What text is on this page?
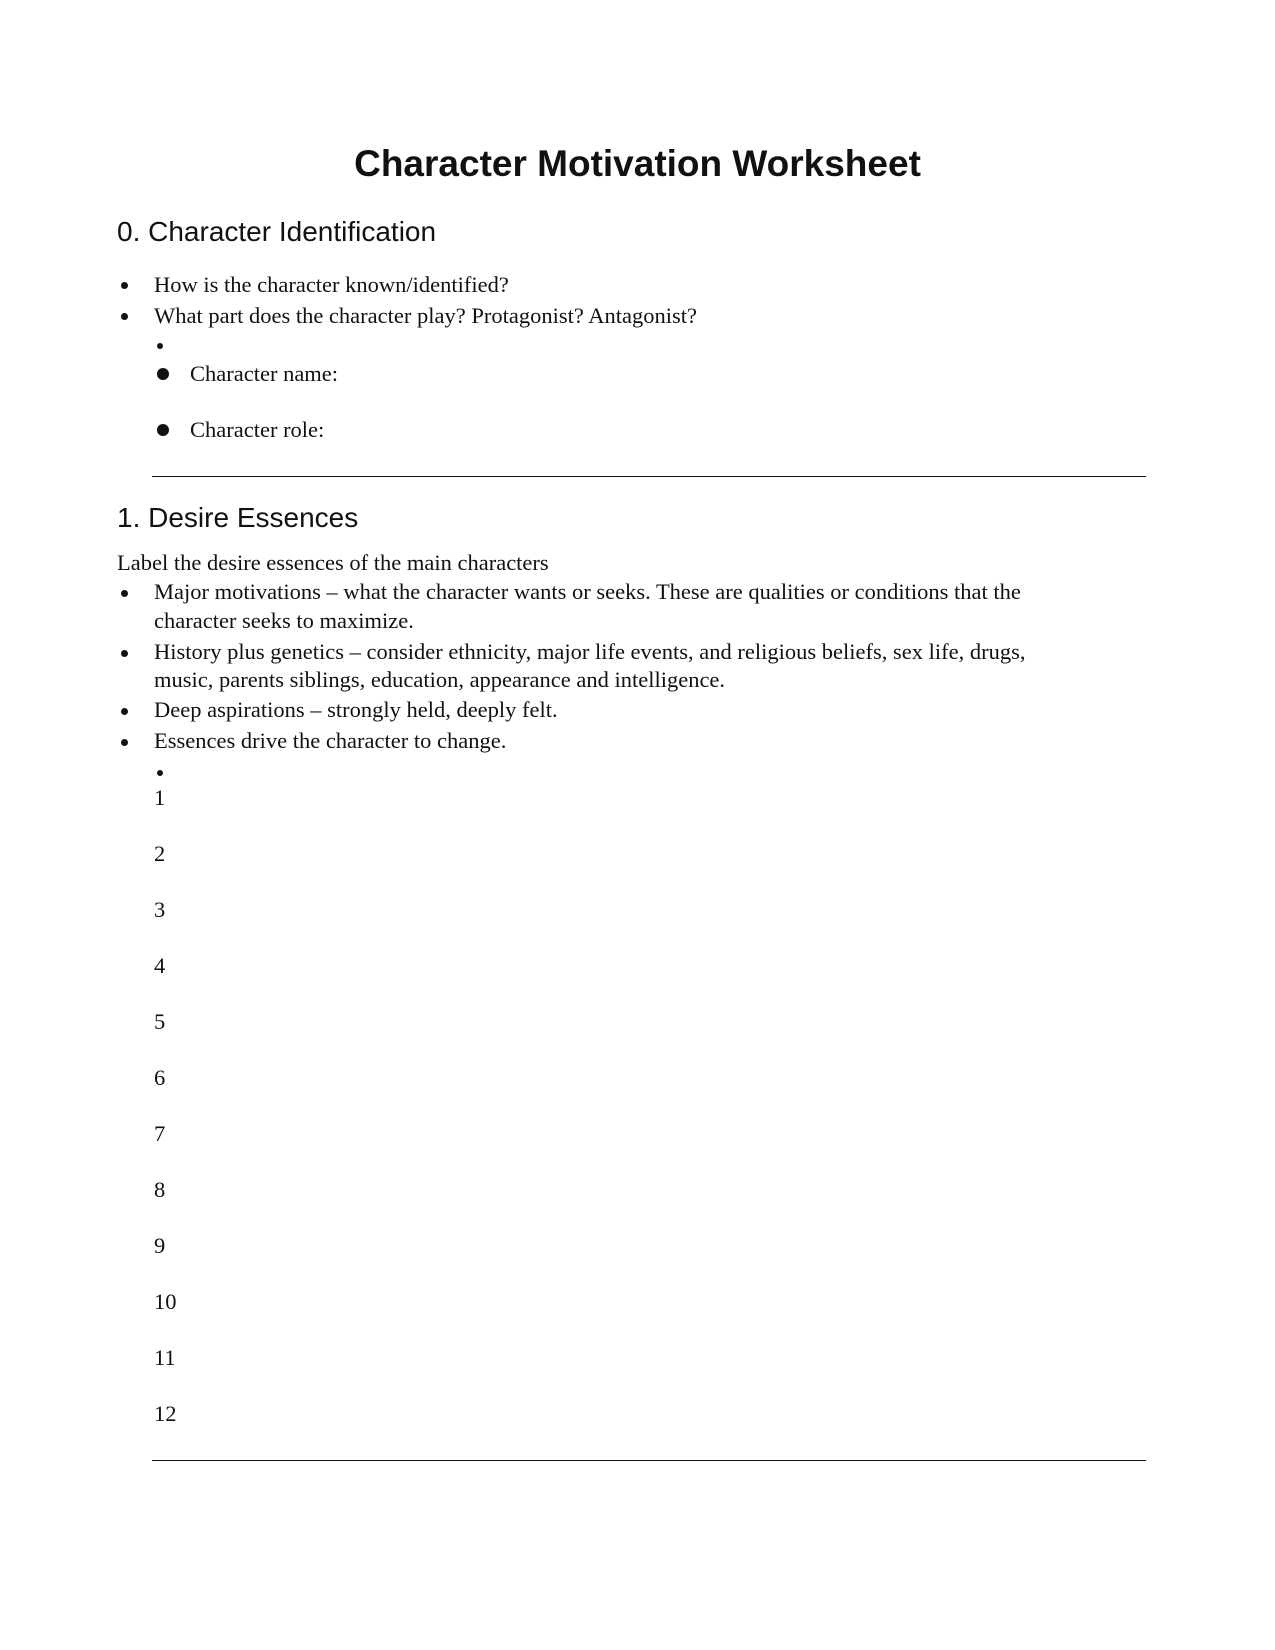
Character Motivation Worksheet
0. Character Identification
How is the character known/identified?
What part does the character play? Protagonist? Antagonist?
Character name:
Character role:
1. Desire Essences
Label the desire essences of the main characters
Major motivations – what the character wants or seeks. These are qualities or conditions that the
character seeks to maximize.
History plus genetics – consider ethnicity, major life events, and religious beliefs, sex life, drugs,
music, parents siblings, education, appearance and intelligence.
Deep aspirations – strongly held, deeply felt.
Essences drive the character to change.
1
2
3
4
5
6
7
8
9
10
11
12
